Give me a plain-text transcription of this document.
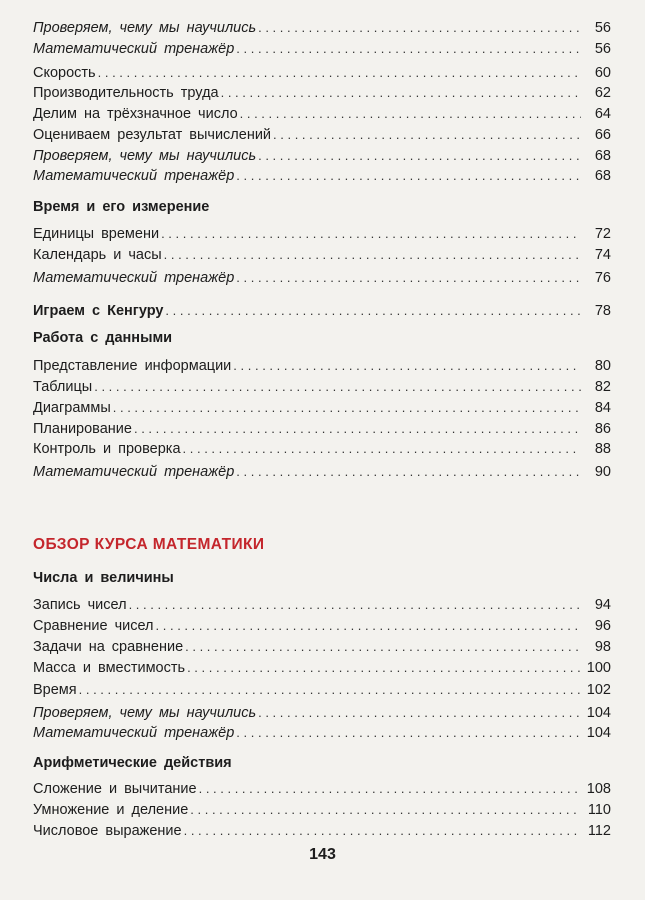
Проверяем, чему мы научились . . .	56
Математический тренажёр . . .	56
Скорость . . .	60
Производительность труда . . .	62
Делим на трёхзначное число . . .	64
Оцениваем результат вычислений . . .	66
Проверяем, чему мы научились . . .	68
Математический тренажёр . . .	68
Время и его измерение
Единицы времени . . .	72
Календарь и часы . . .	74
Математический тренажёр . . .	76
Играем с Кенгуру . . .	78
Работа с данными
Представление информации . . .	80
Таблицы . . .	82
Диаграммы . . .	84
Планирование . . .	86
Контроль и проверка . . .	88
Математический тренажёр . . .	90
ОБЗОР КУРСА МАТЕМАТИКИ
Числа и величины
Запись чисел . . .	94
Сравнение чисел . . .	96
Задачи на сравнение . . .	98
Масса и вместимость . . .	100
Время . . .	102
Проверяем, чему мы научились . . .	104
Математический тренажёр . . .	104
Арифметические действия
Сложение и вычитание . . .	108
Умножение и деление . . .	110
Числовое выражение . . .	112
143
